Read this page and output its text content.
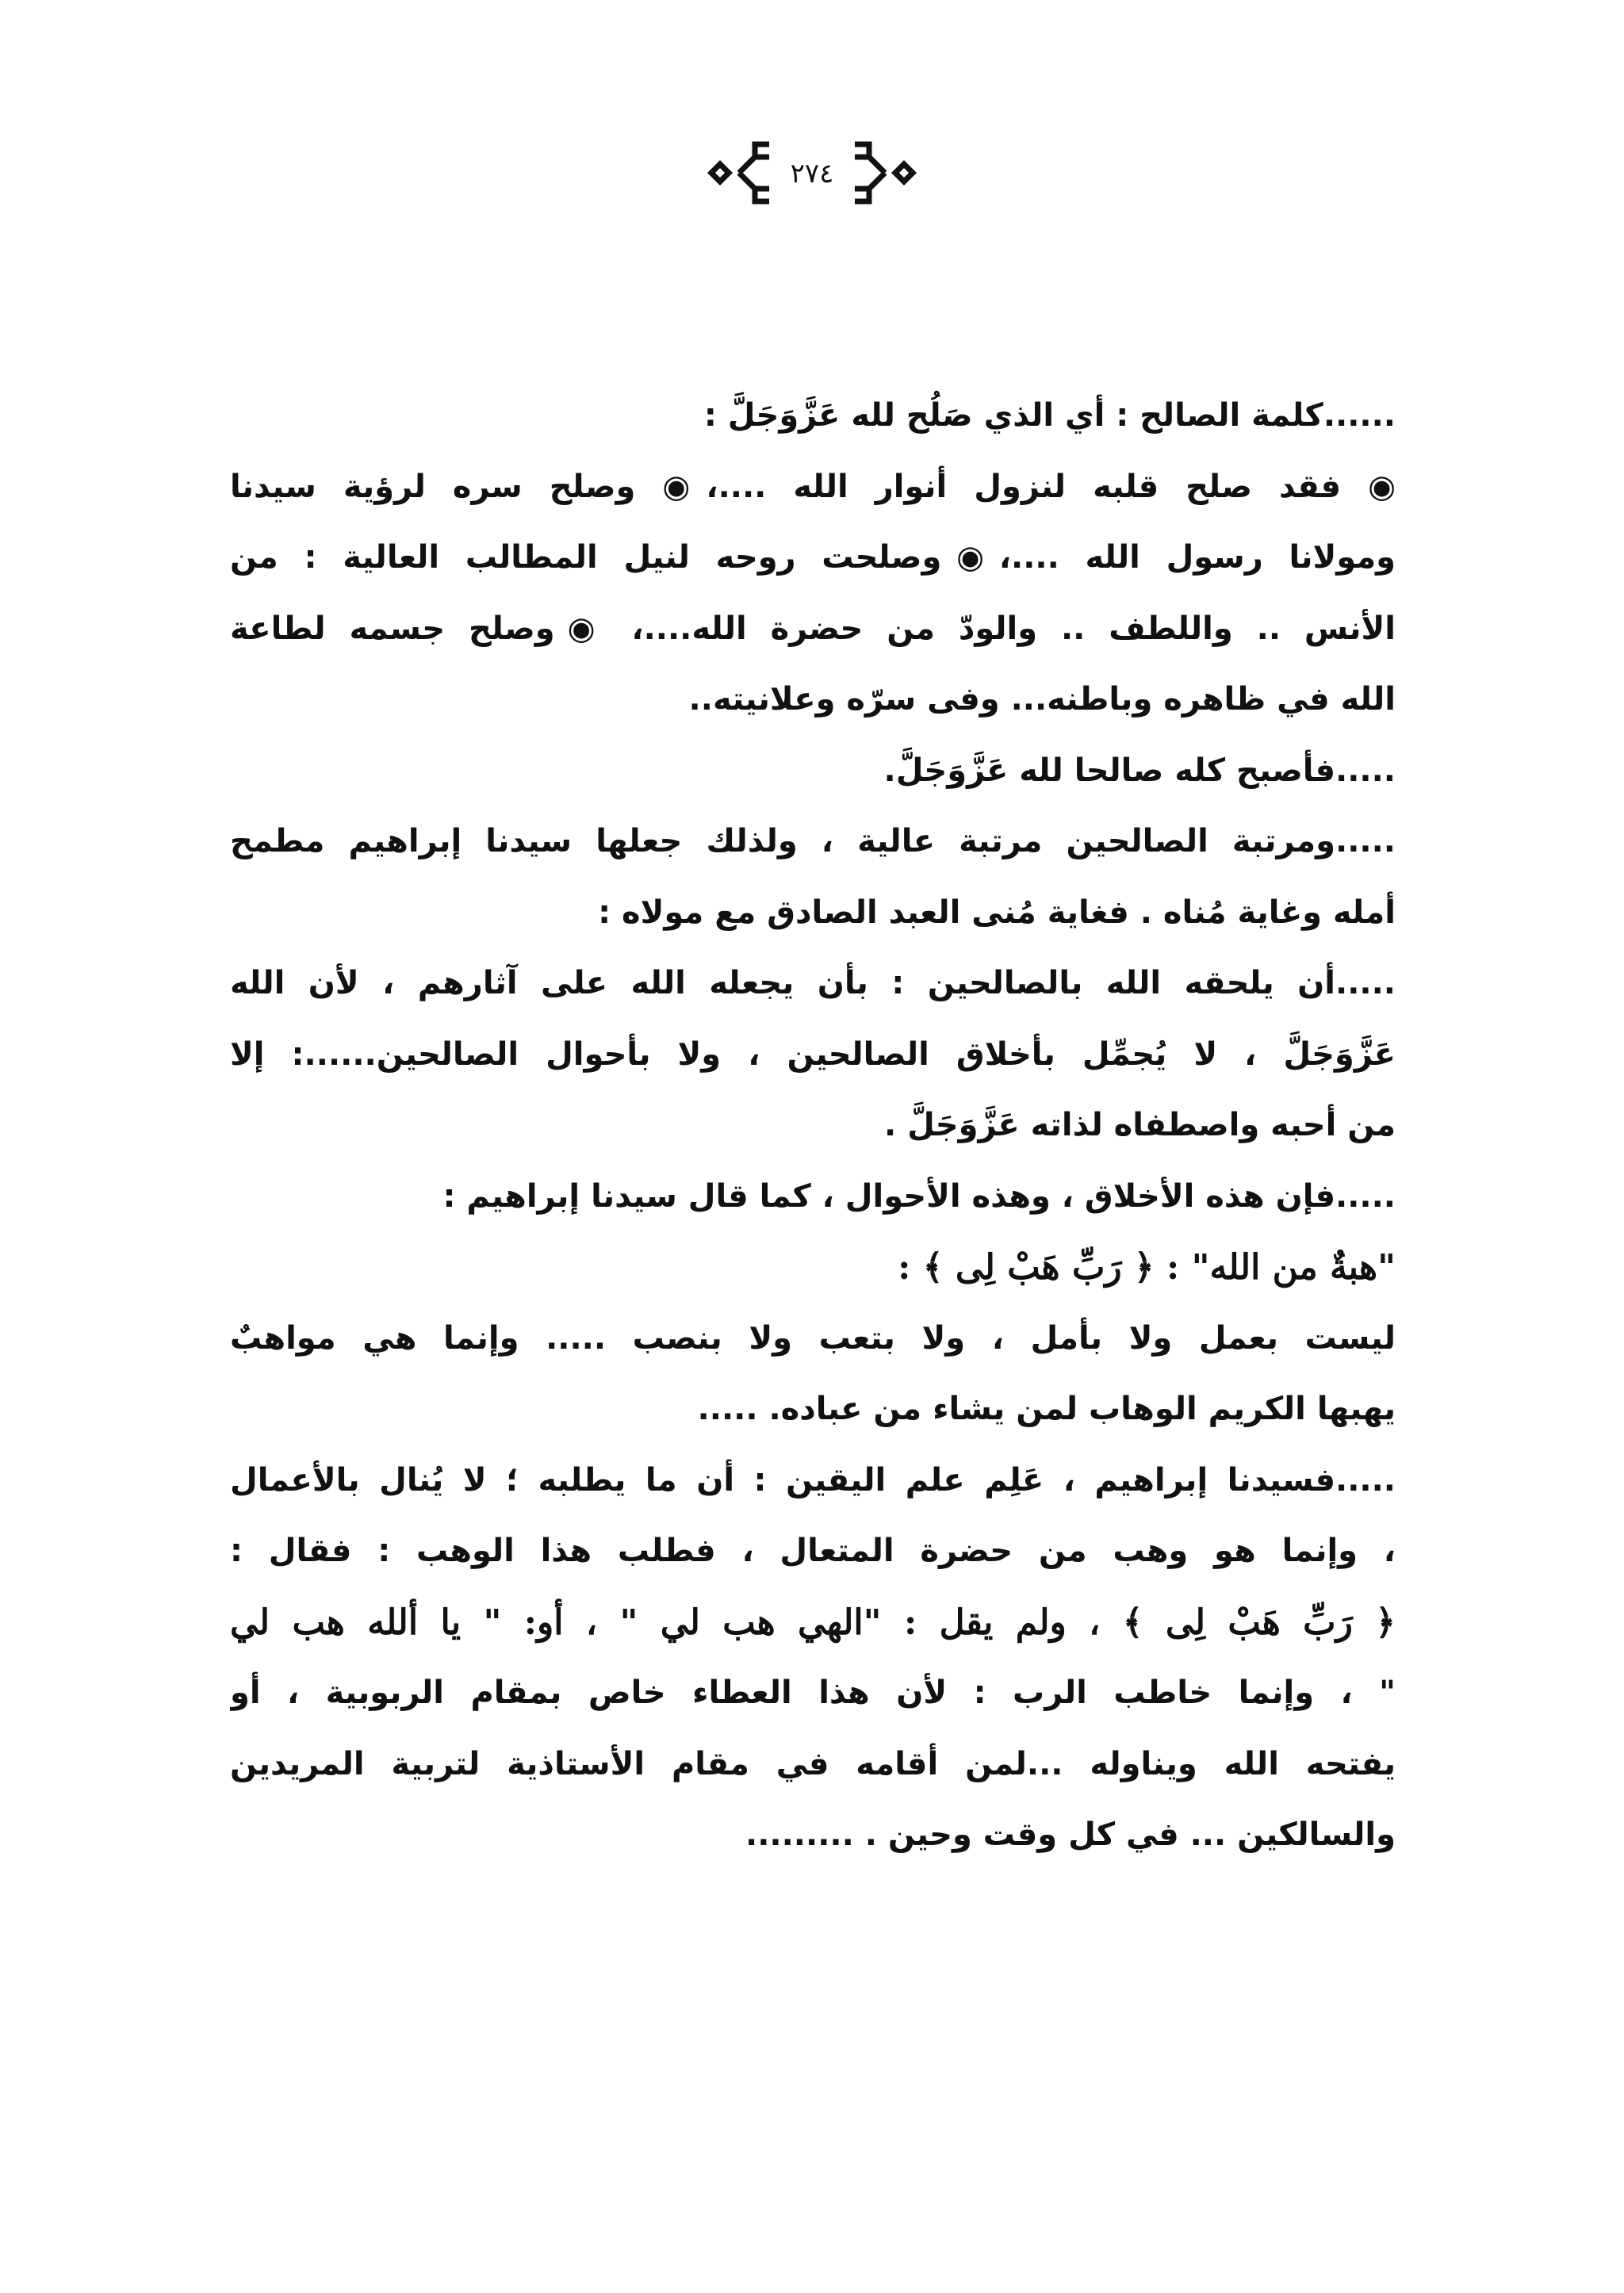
٢٧٤
......كلمة الصالح : أي الذي صَلُح لله عَزَّوَجَلَّ :
◉ فقد صلح قلبه لنزول أنوار الله ....،◉ وصلح سره لرؤية سيدنا
ومولانا رسول الله ....،◉وصلحت روحه لنيل المطالب العالية : من
الأنس .. واللطف .. والودّ من حضرة الله....، ◉وصلح جسمه لطاعة
الله في ظاهره وباطنه... وفى سرّه وعلانيته..
.....فأصبح كله صالحا لله عَزَّوَجَلَّ.
.....ومرتبة الصالحين مرتبة عالية ، ولذلك جعلها سيدنا إبراهيم مطمح
أمله وغاية مُناه . فغاية مُنى العبد الصادق مع مولاه :
.....أن يلحقه الله بالصالحين : بأن يجعله الله على آثارهم ، لأن الله
عَزَّوَجَلَّ ، لا يُجمِّل بأخلاق الصالحين ، ولا بأحوال الصالحين......: إلا
من أحبه واصطفاه لذاته عَزَّوَجَلَّ .
.....فإن هذه الأخلاق ، وهذه الأحوال ، كما قال سيدنا إبراهيم :
"هبةٌ من الله" : ﴿ رَبِّ هَبْ لِى ﴾ :
ليست بعمل ولا بأمل ، ولا بتعب ولا بنصب ..... وإنما هي مواهبٌ
يهبها الكريم الوهاب لمن يشاء من عباده. .....
.....فسيدنا إبراهيم ، عَلِم علم اليقين : أن ما يطلبه ؛ لا يُنال بالأعمال
، وإنما هو وهب من حضرة المتعال ، فطلب هذا الوهب : فقال :
﴿ رَبِّ هَبْ لِى ﴾ ، ولم يقل : "الهي هب لي " ، أو: " يا ألله هب لي
" ، وإنما خاطب الرب : لأن هذا العطاء خاص بمقام الربوبية ، أو
يفتحه الله ويناوله ...لمن أقامه في مقام الأستاذية لتربية المريدين
والسالكين ... في كل وقت وحين . .........
